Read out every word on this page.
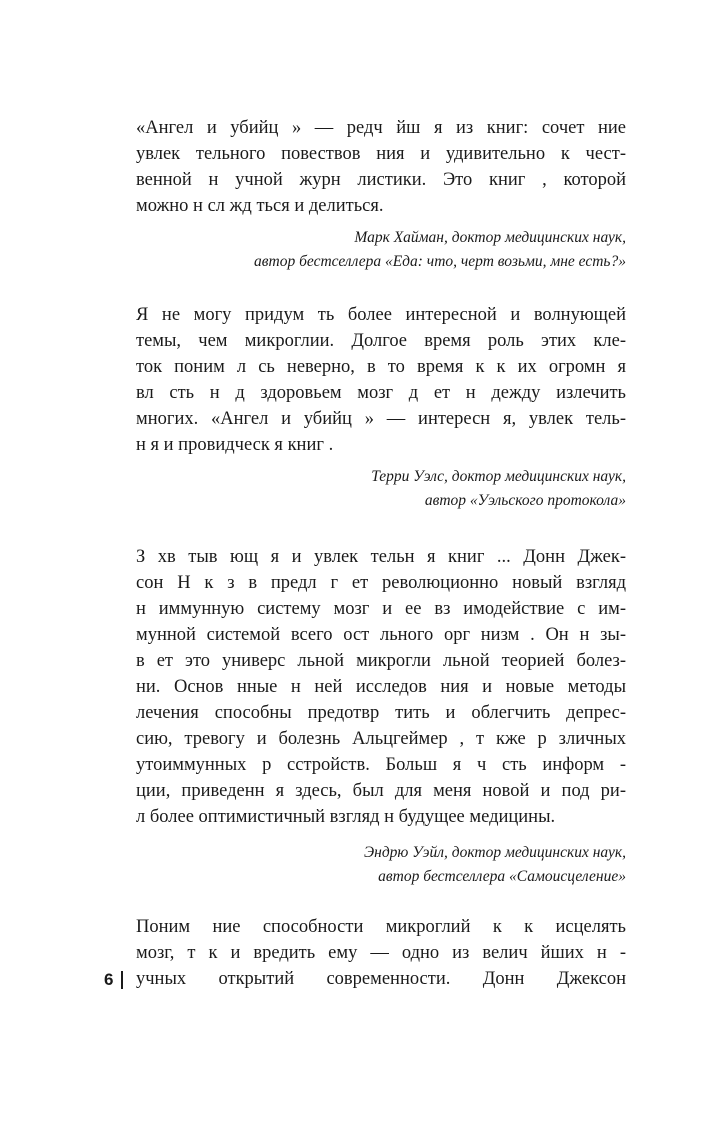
«Ангел и убийц » — редч йш я из книг: сочет ние
увлек тельного повествов ния и удивительно к чест-
венной н учной журн листики. Это книг , которой
можно н сл жд ться и делиться.
Марк Хайман, доктор медицинских наук,
автор бестселлера «Еда: что, черт возьми, мне есть?»
Я не могу придум ть более интересной и волнующей
темы, чем микроглии. Долгое время роль этих кле-
ток поним л сь неверно, в то время к к их огромн я
вл сть н д здоровьем мозг д ет н дежду излечить
многих. «Ангел и убийц » — интересн я, увлек тель-
н я и провидческ я книг .
Терри Уэлс, доктор медицинских наук,
автор «Уэльского протокола»
З хв тыв ющ я и увлек тельн я книг ... Донн Джек-
сон Н к з в предл г ет революционно новый взгляд
н иммунную систему мозг и ее вз имодействие с им-
мунной системой всего ост льного орг низм . Он н зы-
в ет это универс льной микрогли льной теорией болез-
ни. Основ нные н ней исследов ния и новые методы
лечения способны предотвр тить и облегчить депрес-
сию, тревогу и болезнь Альцгеймер , т кже р зличных
утоиммунных р сстройств. Больш я ч сть информ -
ции, приведенн я здесь, был для меня новой и под ри-
л более оптимистичный взгляд н будущее медицины.
Эндрю Уэйл, доктор медицинских наук,
автор бестселлера «Самоисцеление»
Поним ние способности микроглий к к исцелять
мозг, т к и вредить ему — одно из велич йших н -
учных открытий современности. Донн Джексон
6
